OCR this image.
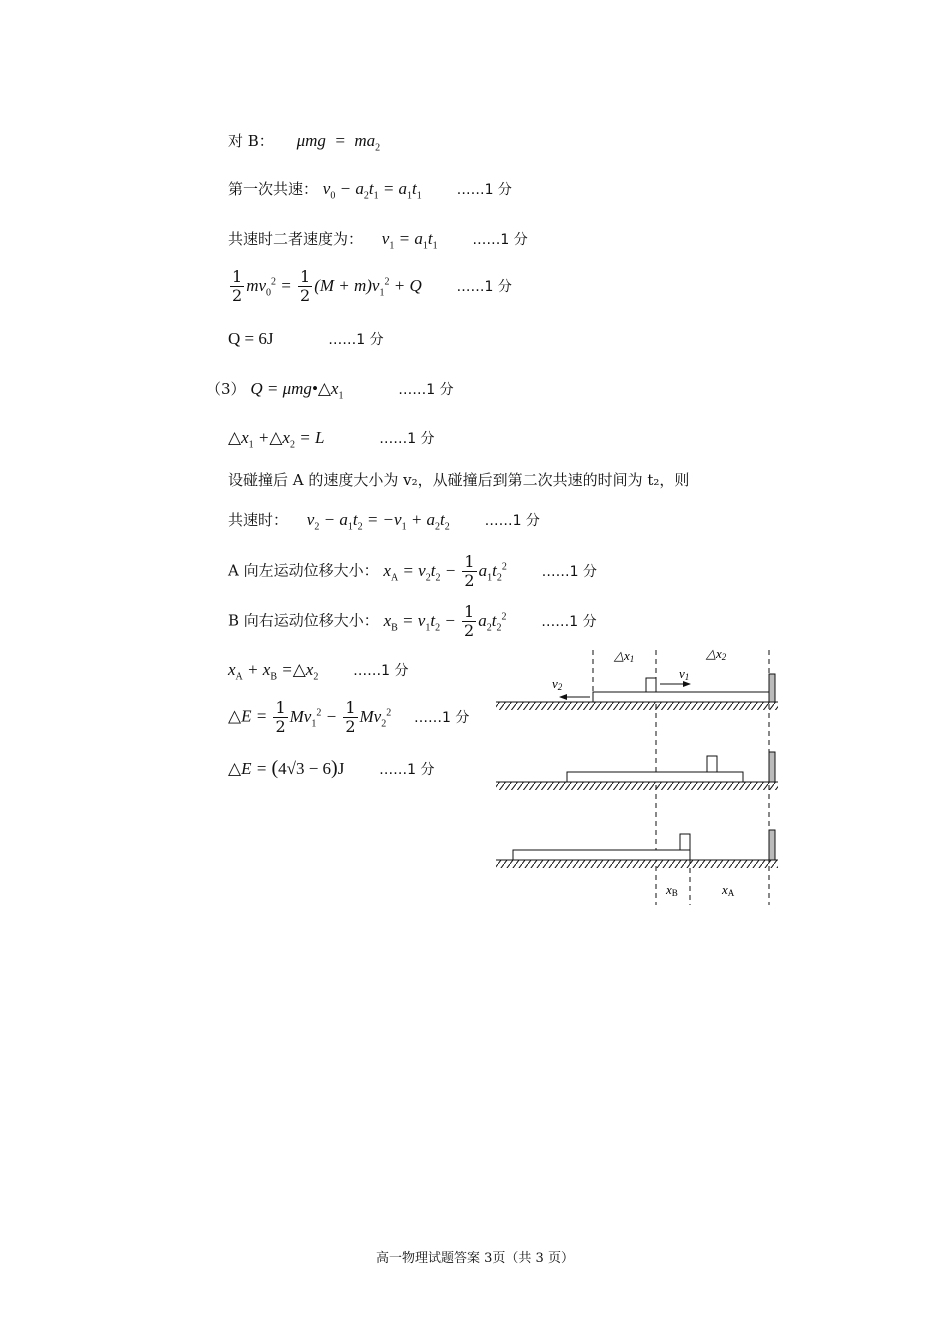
对 B： $\mu mg = ma_2$
第一次共速： $v_0 - a_2t_1 = a_1t_1$ ……1 分
共速时二者速度为： $v_1 = a_1t_1$ ……1 分
$\frac{1}{2} mv_0^2 = \frac{1}{2} (M + m)v_1^2 + Q$ ……1 分
Q = 6J	……1 分
（3） $Q = \mu mg•\triangle x_1$	……1 分
$\triangle x_1$ $+\triangle x_2 = L$	……1 分
设碰撞后 A 的速度大小为 v₂，从碰撞后到第二次共速的时间为 t₂，则
共速时： $v_2 - a_1t_2 = -v_1 + a_2t_2$ ……1 分
A 向左运动位移大小： $x_A = v_2t_2 - \frac{1}{2} a_1t_2^2$ ……1 分
B 向右运动位移大小： $x_B = v_1t_2 - \frac{1}{2} a_2t_2^2$ ……1 分
$x_A + x_B$ $=\triangle x_2$ ……1 分
△E = $\frac{1}{2} Mv_1^2 - \frac{1}{2} Mv_2^2$ ……1 分
△E = (4√3 − 6)J ……1 分
△x1	△x2
v1
v2
xB	xA
高一物理试题答案 3页（共 3 页）
